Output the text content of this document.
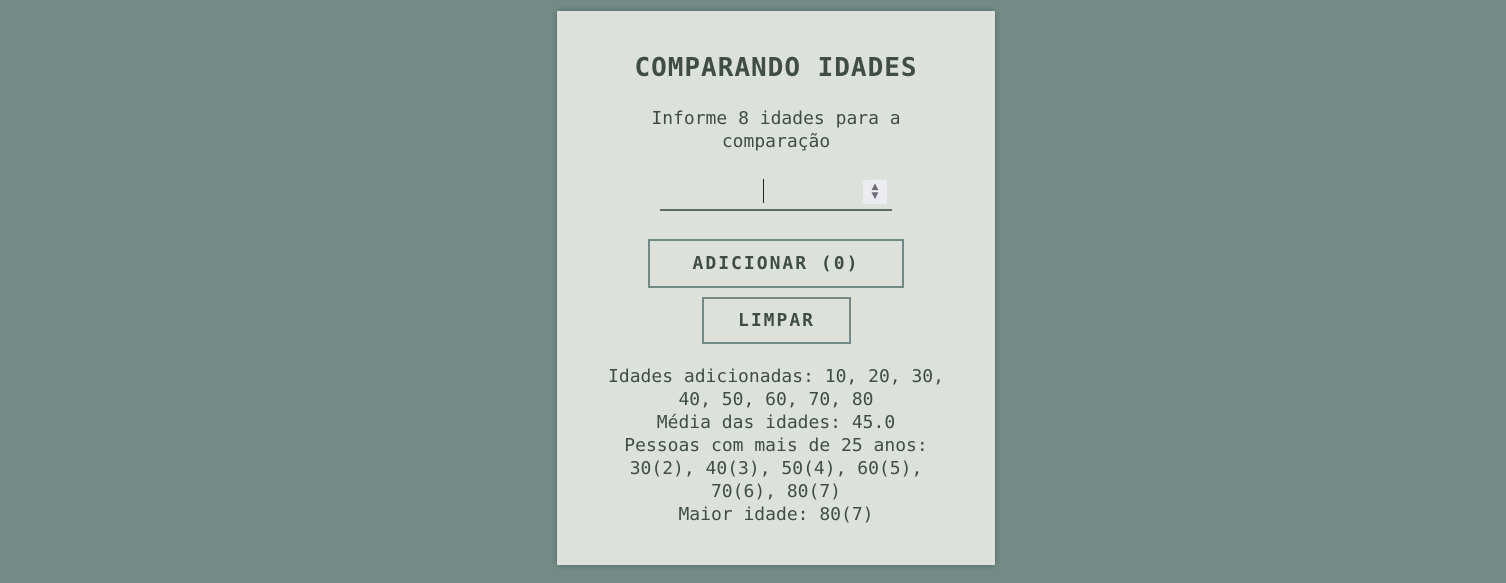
COMPARANDO IDADES

Informe 8 idades para a comparação

▲
▼
ADICIONAR (0)
LIMPAR

Idades adicionadas: 10, 20, 30, 40, 50, 60, 70, 80

Média das idades: 45.0

Pessoas com mais de 25 anos: 30(2), 40(3), 50(4), 60(5), 70(6), 80(7)

Maior idade: 80(7)
